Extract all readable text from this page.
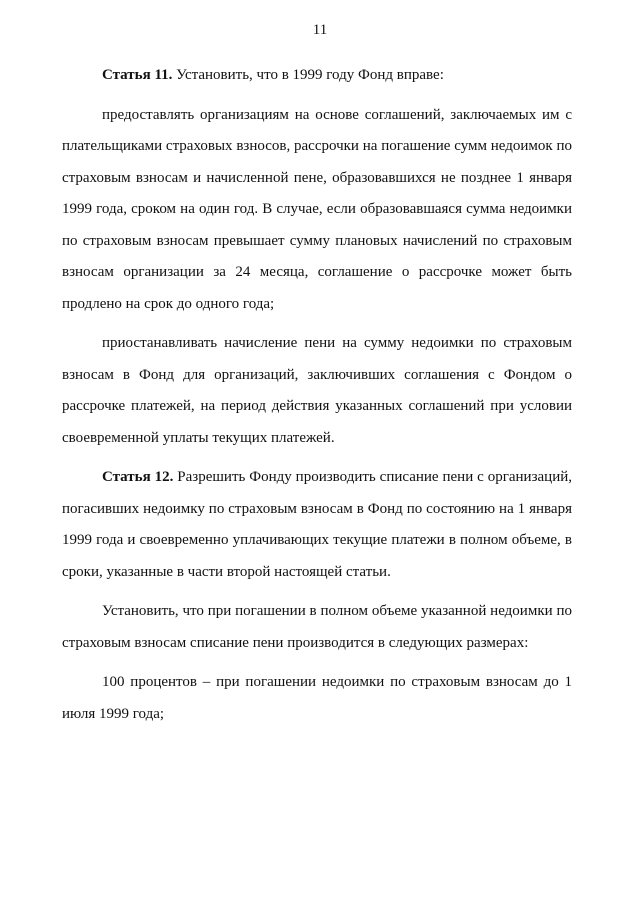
11

Статья 11. Установить, что в 1999 году Фонд вправе:

предоставлять организациям на основе соглашений, заключаемых им с плательщиками страховых взносов, рассрочки на погашение сумм недоимок по страховым взносам и начисленной пене, образовавшихся не позднее 1 января 1999 года, сроком на один год. В случае, если образовавшаяся сумма недоимки по страховым взносам превышает сумму плановых начислений по страховым взносам организации за 24 месяца, соглашение о рассрочке может быть продлено на срок до одного года;

приостанавливать начисление пени на сумму недоимки по страховым взносам в Фонд для организаций, заключивших соглашения с Фондом о рассрочке платежей, на период действия указанных соглашений при условии своевременной уплаты текущих платежей.

Статья 12. Разрешить Фонду производить списание пени с организаций, погасивших недоимку по страховым взносам в Фонд по состоянию на 1 января 1999 года и своевременно уплачивающих текущие платежи в полном объеме, в сроки, указанные в части второй настоящей статьи.

Установить, что при погашении в полном объеме указанной недоимки по страховым взносам списание пени производится в следующих размерах:

100 процентов – при погашении недоимки по страховым взносам до 1 июля 1999 года;
